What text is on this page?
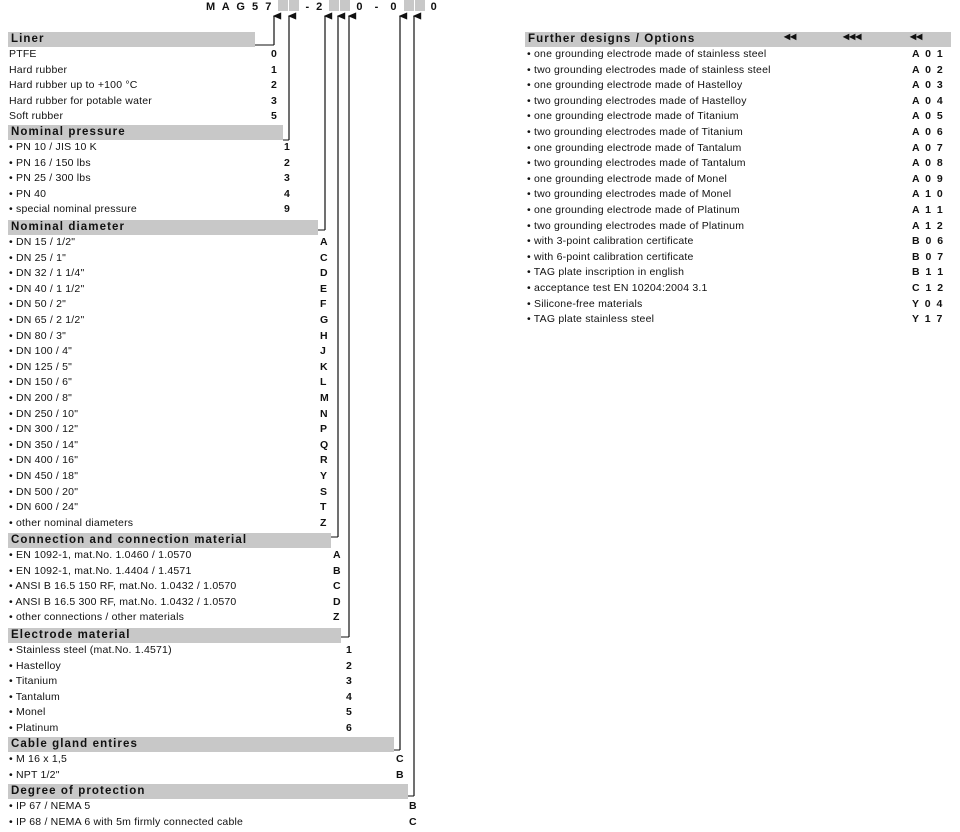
M A G 5 7	- 2	0  -  0	0
Liner
PTFE	0
Hard rubber	1
Hard rubber up to +100 °C	2
Hard rubber for potable water	3
Soft rubber	5
Nominal pressure
• PN 10 / JIS 10 K	1
• PN 16 / 150 lbs	2
• PN 25 / 300 lbs	3
• PN 40	4
• special nominal pressure	9
Nominal diameter
• DN 15 / 1/2"	A
• DN 25 / 1"	C
• DN 32 / 1 1/4"	D
• DN 40 / 1 1/2"	E
• DN 50 / 2"	F
• DN 65 / 2 1/2"	G
• DN 80 / 3"	H
• DN 100 / 4"	J
• DN 125 / 5"	K
• DN 150 / 6"	L
• DN 200 / 8"	M
• DN 250 / 10"	N
• DN 300 / 12"	P
• DN 350 / 14"	Q
• DN 400 / 16"	R
• DN 450 / 18"	Y
• DN 500 / 20"	S
• DN 600 / 24"	T
• other nominal diameters	Z
Connection and connection material
• EN 1092-1, mat.No. 1.0460 / 1.0570	A
• EN 1092-1, mat.No. 1.4404 / 1.4571	B
• ANSI B 16.5 150 RF, mat.No. 1.0432 / 1.0570	C
• ANSI B 16.5 300 RF, mat.No. 1.0432 / 1.0570	D
• other connections / other materials	Z
Electrode material
• Stainless steel (mat.No. 1.4571)	1
• Hastelloy	2
• Titanium	3
• Tantalum	4
• Monel	5
• Platinum	6
Cable gland entires
• M 16 x 1,5	C
• NPT 1/2"	B
Degree of protection
• IP 67 / NEMA 5	B
• IP 68 / NEMA 6 with 5m firmly connected cable	C
Further designs / Options	◀◀	◀◀◀	◀◀
• one grounding electrode made of stainless steel	A 0 1
• two grounding electrodes made of stainless steel	A 0 2
• one grounding electrode made of Hastelloy	A 0 3
• two grounding electrodes made of Hastelloy	A 0 4
• one grounding electrode made of Titanium	A 0 5
• two grounding electrodes made of Titanium	A 0 6
• one grounding electrode made of Tantalum	A 0 7
• two grounding electrodes made of Tantalum	A 0 8
• one grounding electrode made of Monel	A 0 9
• two grounding electrodes made of Monel	A 1 0
• one grounding electrode made of Platinum	A 1 1
• two grounding electrodes made of Platinum	A 1 2
• with 3-point calibration certificate	B 0 6
• with 6-point calibration certificate	B 0 7
• TAG plate inscription in english	B 1 1
• acceptance test EN 10204:2004 3.1	C 1 2
• Silicone-free materials	Y 0 4
• TAG plate stainless steel	Y 1 7
